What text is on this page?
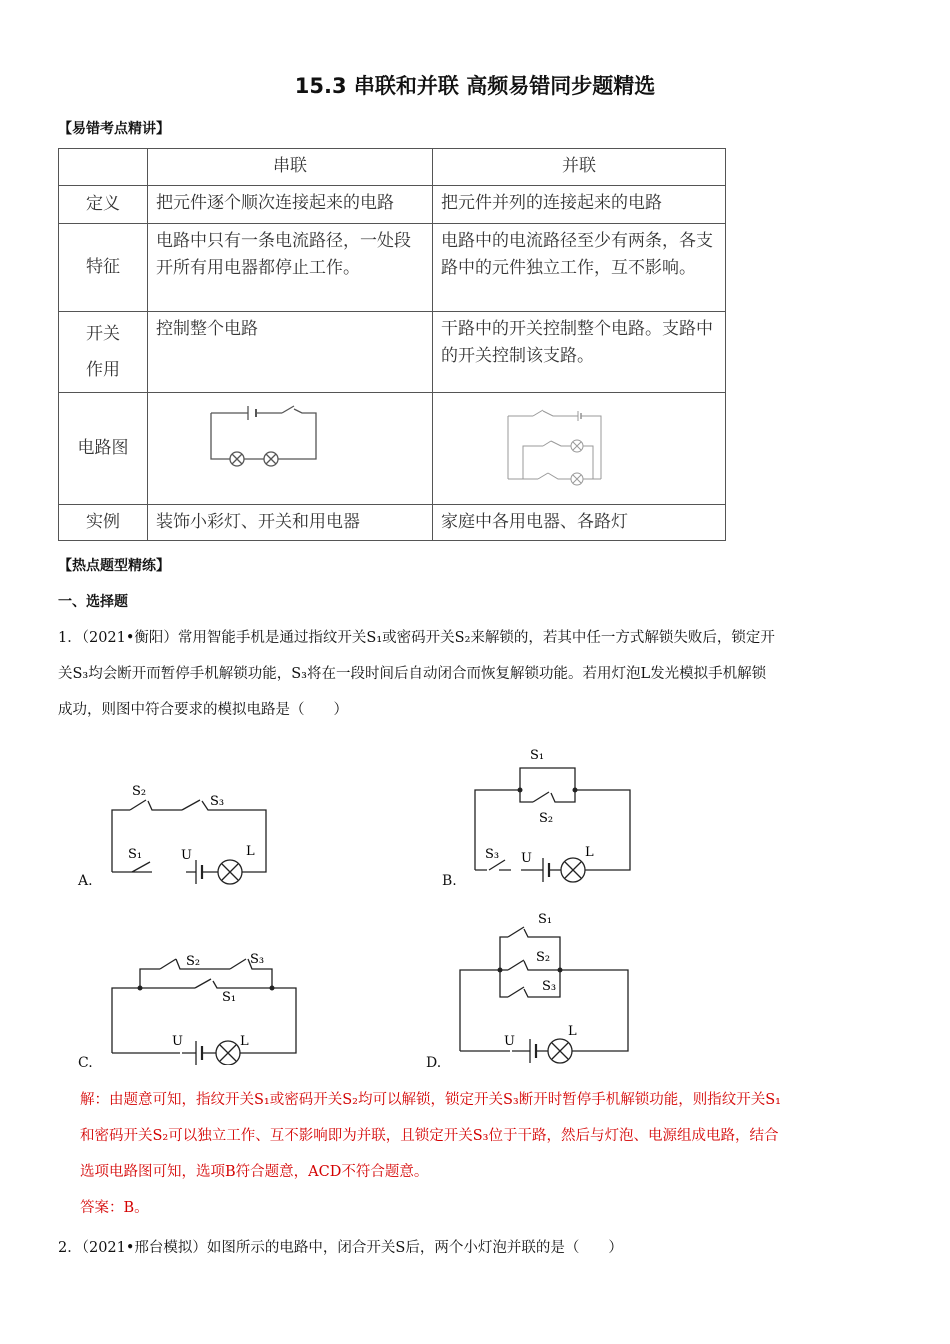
15.3 串联和并联 高频易错同步题精选
【易错考点精讲】
	串联	并联
定义	把元件逐个顺次连接起来的电路	把元件并列的连接起来的电路
特征	电路中只有一条电流路径，一处段开所有用电器都停止工作。	电路中的电流路径至少有两条，各支路中的元件独立工作，互不影响。
开关作用	控制整个电路	干路中的开关控制整个电路。支路中的开关控制该支路。
电路图	

实例	装饰小彩灯、开关和用电器	家庭中各用电器、各路灯
【热点题型精练】
一、选择题
1．（2021•衡阳）常用智能手机是通过指纹开关S₁或密码开关S₂来解锁的，若其中任一方式解锁失败后，锁定开
关S₃均会断开而暂停手机解锁功能，S₃将在一段时间后自动闭合而恢复解锁功能。若用灯泡L发光模拟手机解锁
成功，则图中符合要求的模拟电路是（　　）
A.
S₂
S₃
S₁	U	L
B.
S₁
S₂
S₃ U	L
C.
S₂	S₃
S₁
U	L
D.
S₁
S₂
S₃
U
L
解：由题意可知，指纹开关S₁或密码开关S₂均可以解锁，锁定开关S₃断开时暂停手机解锁功能，则指纹开关S₁
和密码开关S₂可以独立工作、互不影响即为并联，且锁定开关S₃位于干路，然后与灯泡、电源组成电路，结合
选项电路图可知，选项B符合题意，ACD不符合题意。
答案：B。
2．（2021•邢台模拟）如图所示的电路中，闭合开关S后，两个小灯泡并联的是（　　）
